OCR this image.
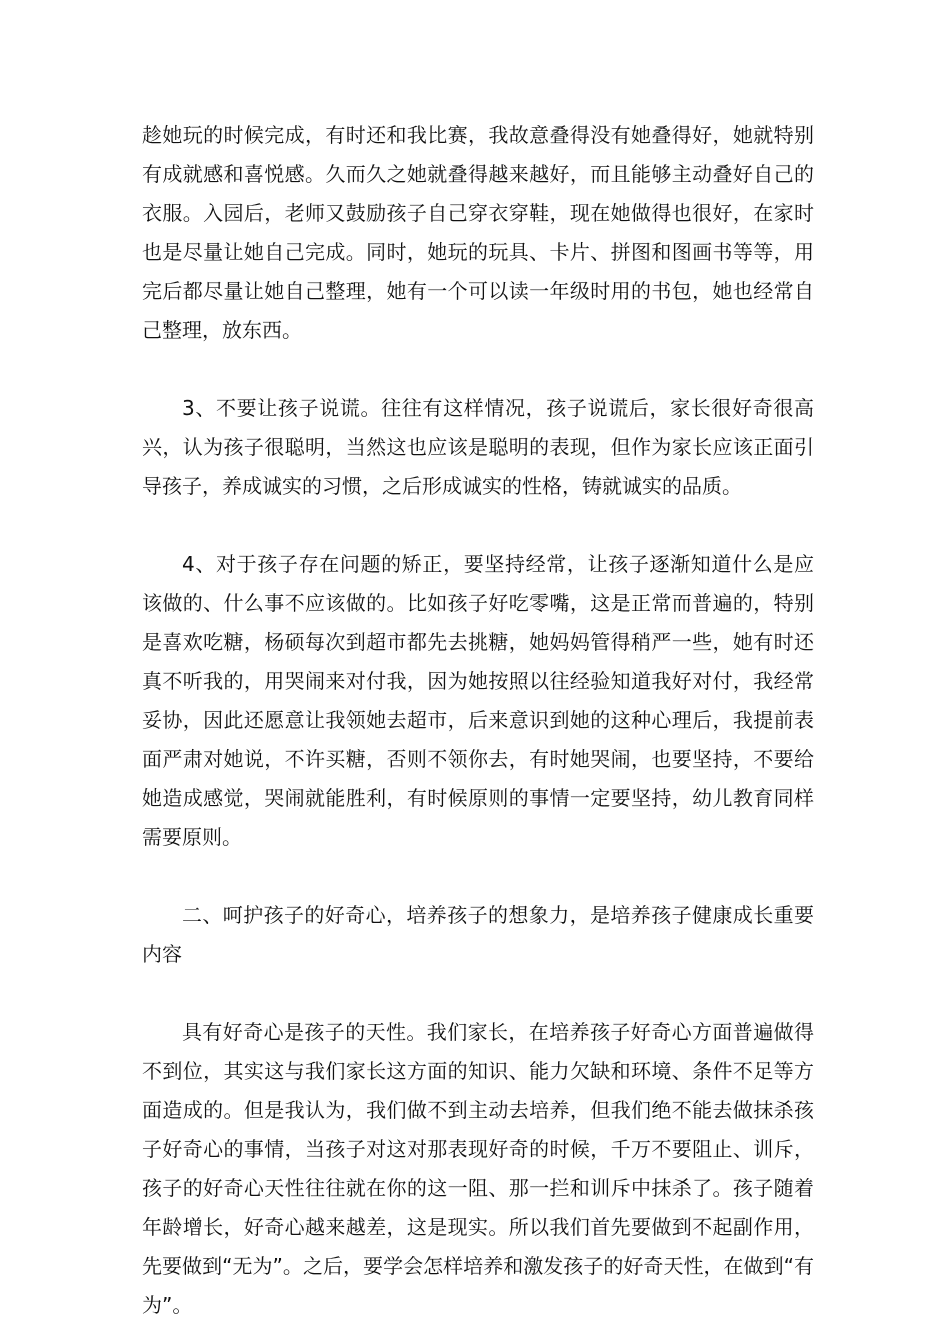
趁她玩的时候完成，有时还和我比赛，我故意叠得没有她叠得好，她就特别有成就感和喜悦感。久而久之她就叠得越来越好，而且能够主动叠好自己的衣服。入园后，老师又鼓励孩子自己穿衣穿鞋，现在她做得也很好，在家时也是尽量让她自己完成。同时，她玩的玩具、卡片、拼图和图画书等等，用完后都尽量让她自己整理，她有一个可以读一年级时用的书包，她也经常自己整理，放东西。

3、不要让孩子说谎。往往有这样情况，孩子说谎后，家长很好奇很高兴，认为孩子很聪明，当然这也应该是聪明的表现，但作为家长应该正面引导孩子，养成诚实的习惯，之后形成诚实的性格，铸就诚实的品质。

4、对于孩子存在问题的矫正，要坚持经常，让孩子逐渐知道什么是应该做的、什么事不应该做的。比如孩子好吃零嘴，这是正常而普遍的，特别是喜欢吃糖，杨硕每次到超市都先去挑糖，她妈妈管得稍严一些，她有时还真不听我的，用哭闹来对付我，因为她按照以往经验知道我好对付，我经常妥协，因此还愿意让我领她去超市，后来意识到她的这种心理后，我提前表面严肃对她说，不许买糖，否则不领你去，有时她哭闹，也要坚持，不要给她造成感觉，哭闹就能胜利，有时候原则的事情一定要坚持，幼儿教育同样需要原则。

二、呵护孩子的好奇心，培养孩子的想象力，是培养孩子健康成长重要内容

具有好奇心是孩子的天性。我们家长，在培养孩子好奇心方面普遍做得不到位，其实这与我们家长这方面的知识、能力欠缺和环境、条件不足等方面造成的。但是我认为，我们做不到主动去培养，但我们绝不能去做抹杀孩子好奇心的事情，当孩子对这对那表现好奇的时候，千万不要阻止、训斥，孩子的好奇心天性往往就在你的这一阻、那一拦和训斥中抹杀了。孩子随着年龄增长，好奇心越来越差，这是现实。所以我们首先要做到不起副作用，先要做到“无为”。之后，要学会怎样培养和激发孩子的好奇天性，在做到“有为”。
